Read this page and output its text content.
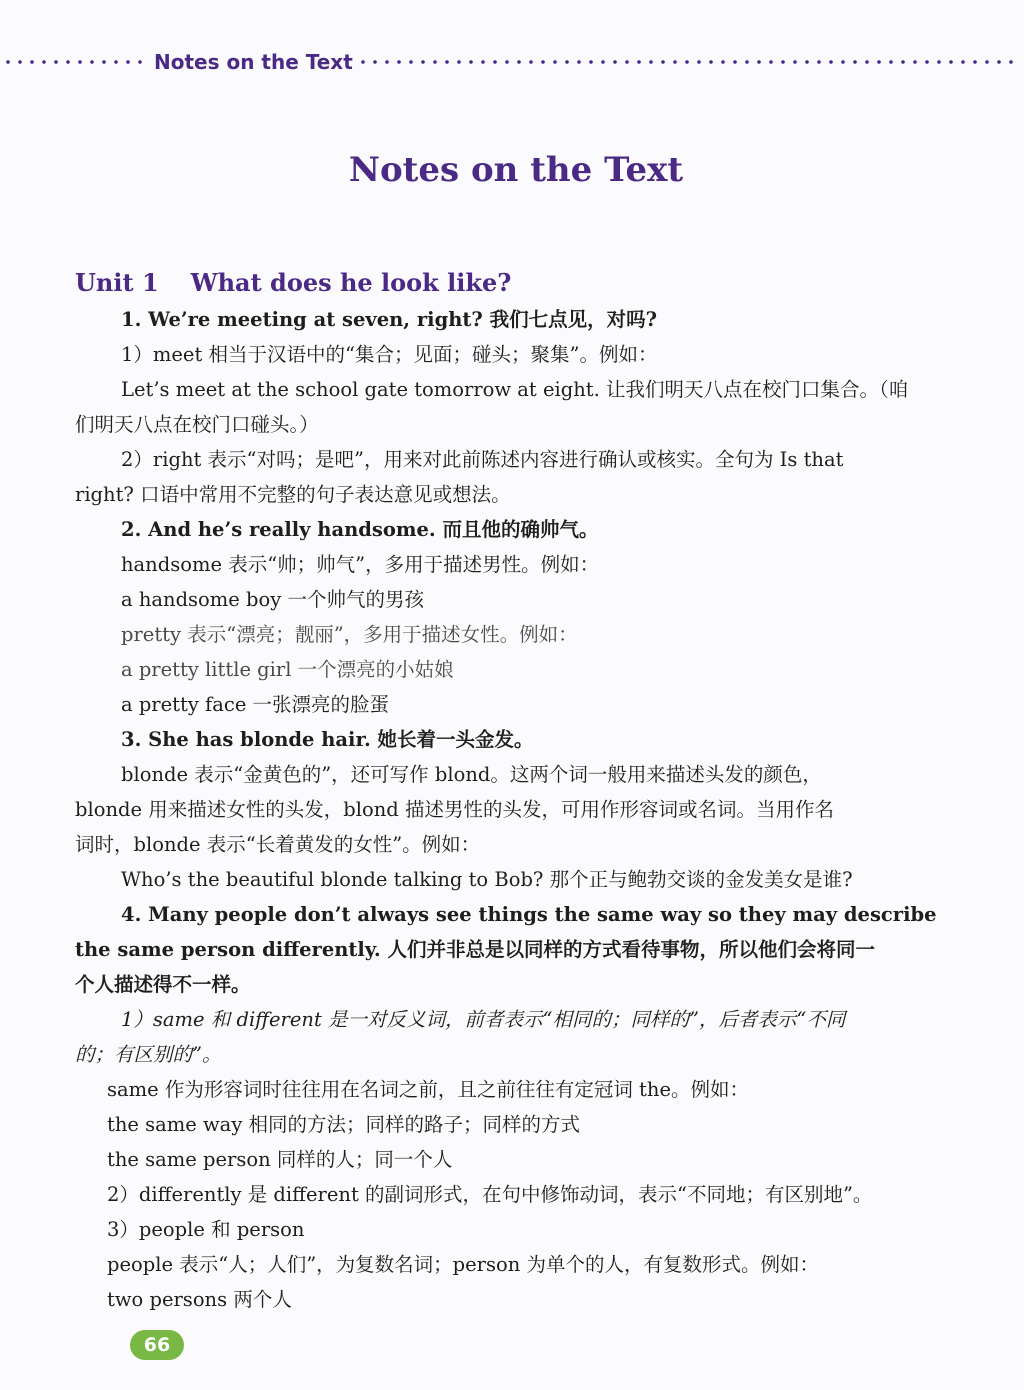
Notes on the Text
Notes on the Text
Unit 1 What does he look like?
1. We’re meeting at seven, right? 我们七点见，对吗?
1）meet 相当于汉语中的“集合；见面；碰头；聚集”。例如：
Let’s meet at the school gate tomorrow at eight. 让我们明天八点在校门口集合。（咱
们明天八点在校门口碰头。）
2）right 表示“对吗；是吧”，用来对此前陈述内容进行确认或核实。全句为 Is that
right? 口语中常用不完整的句子表达意见或想法。
2. And he’s really handsome. 而且他的确帅气。
handsome 表示“帅；帅气”，多用于描述男性。例如：
a handsome boy 一个帅气的男孩
pretty 表示“漂亮；靓丽”，多用于描述女性。例如：
a pretty little girl 一个漂亮的小姑娘
a pretty face 一张漂亮的脸蛋
3. She has blonde hair. 她长着一头金发。
blonde 表示“金黄色的”，还可写作 blond。这两个词一般用来描述头发的颜色，
blonde 用来描述女性的头发，blond 描述男性的头发，可用作形容词或名词。当用作名
词时，blonde 表示“长着黄发的女性”。例如：
Who’s the beautiful blonde talking to Bob? 那个正与鲍勃交谈的金发美女是谁?
4. Many people don’t always see things the same way so they may describe
the same person differently. 人们并非总是以同样的方式看待事物，所以他们会将同一
个人描述得不一样。
1）same 和 different 是一对反义词，前者表示“相同的；同样的”，后者表示“不同
的；有区别的”。
same 作为形容词时往往用在名词之前，且之前往往有定冠词 the。例如：
the same way 相同的方法；同样的路子；同样的方式
the same person 同样的人；同一个人
2）differently 是 different 的副词形式，在句中修饰动词，表示“不同地；有区别地”。
3）people 和 person
people 表示“人；人们”，为复数名词；person 为单个的人，有复数形式。例如：
two persons 两个人
66
